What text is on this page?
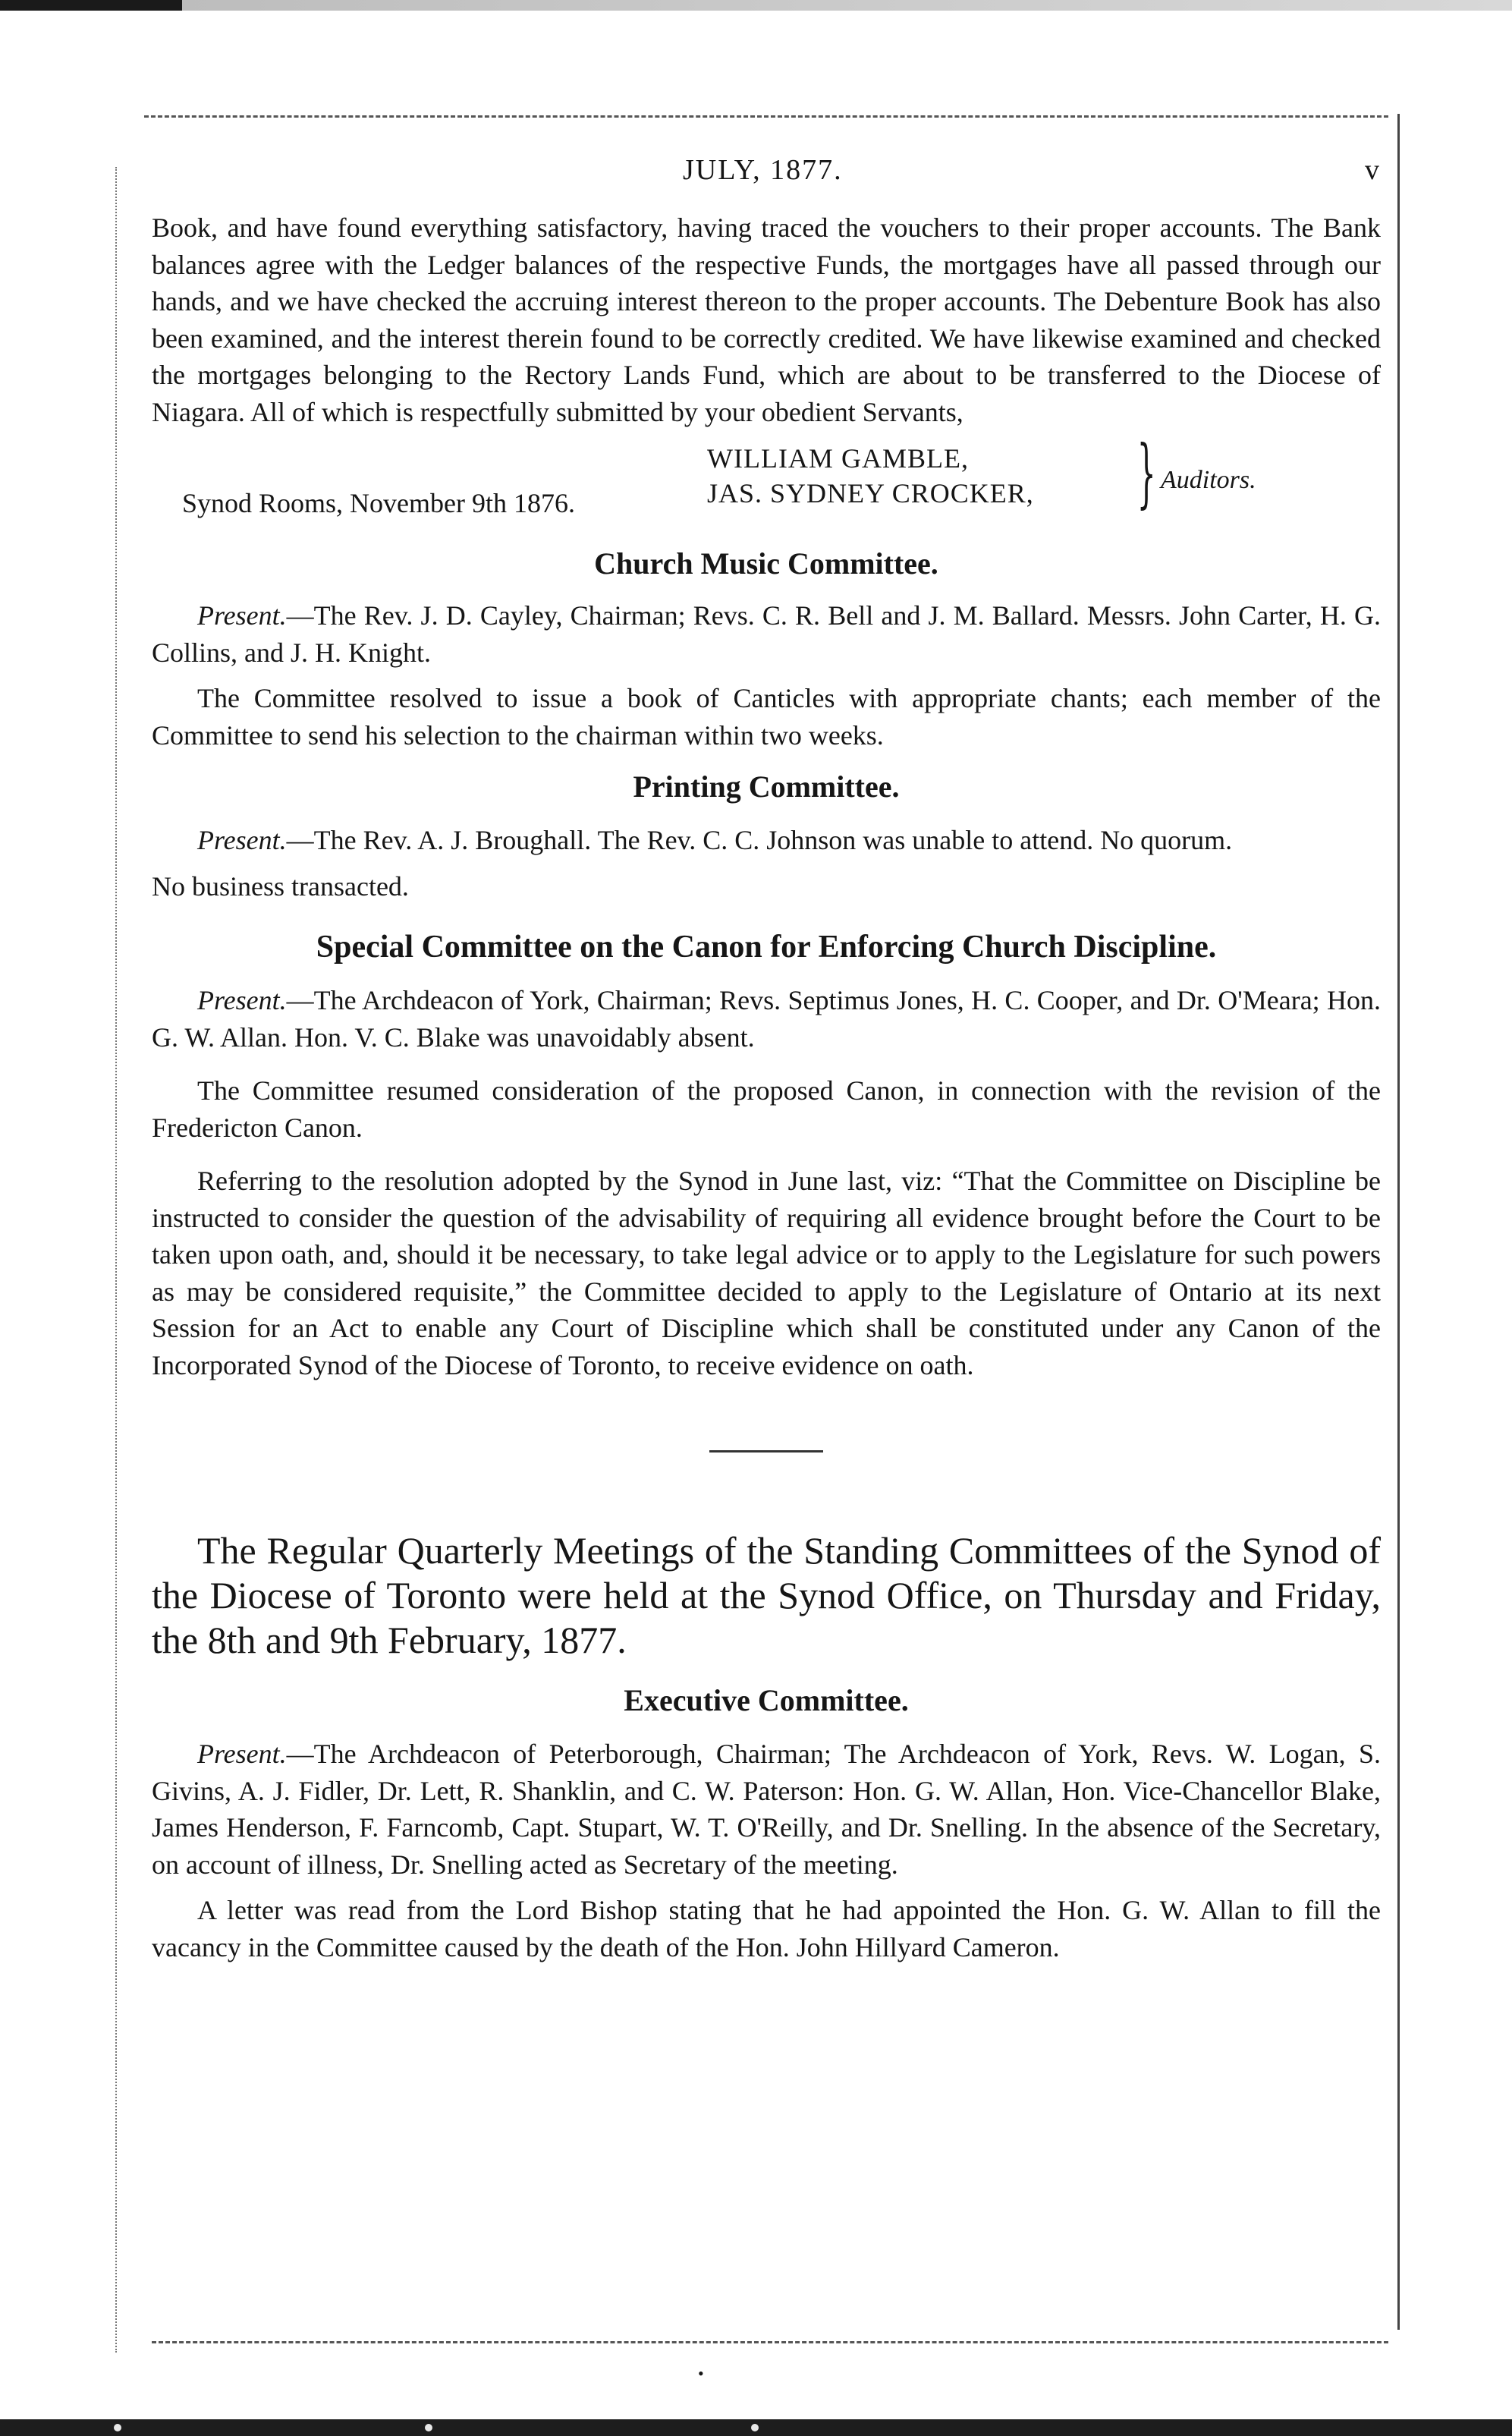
JULY, 1877.	v

Book, and have found everything satisfactory, having traced the vouchers to their proper accounts. The Bank balances agree with the Ledger balances of the respective Funds, the mortgages have all passed through our hands, and we have checked the accruing interest thereon to the proper accounts. The Debenture Book has also been examined, and the interest therein found to be correctly credited. We have likewise examined and checked the mortgages belonging to the Rectory Lands Fund, which are about to be transferred to the Diocese of Niagara. All of which is respectfully submitted by your obedient Servants,

WILLIAM GAMBLE,
JAS. SYDNEY CROCKER, } Auditors.
Synod Rooms, November 9th 1876.
Church Music Committee.

Present.—The Rev. J. D. Cayley, Chairman; Revs. C. R. Bell and J. M. Ballard. Messrs. John Carter, H. G. Collins, and J. H. Knight.

The Committee resolved to issue a book of Canticles with appropriate chants; each member of the Committee to send his selection to the chairman within two weeks.

Printing Committee.

Present.—The Rev. A. J. Broughall. The Rev. C. C. Johnson was unable to attend. No quorum.

No business transacted.

Special Committee on the Canon for Enforcing Church Discipline.

Present.—The Archdeacon of York, Chairman; Revs. Septimus Jones, H. C. Cooper, and Dr. O'Meara; Hon. G. W. Allan. Hon. V. C. Blake was unavoidably absent.

The Committee resumed consideration of the proposed Canon, in connection with the revision of the Fredericton Canon.

Referring to the resolution adopted by the Synod in June last, viz: “That the Committee on Discipline be instructed to consider the question of the advisability of requiring all evidence brought before the Court to be taken upon oath, and, should it be necessary, to take legal advice or to apply to the Legislature for such powers as may be considered requisite,” the Committee decided to apply to the Legislature of Ontario at its next Session for an Act to enable any Court of Discipline which shall be constituted under any Canon of the Incorporated Synod of the Diocese of Toronto, to receive evidence on oath.

The Regular Quarterly Meetings of the Standing Committees of the Synod of the Diocese of Toronto were held at the Synod Office, on Thursday and Friday, the 8th and 9th February, 1877.

Executive Committee.

Present.—The Archdeacon of Peterborough, Chairman; The Archdeacon of York, Revs. W. Logan, S. Givins, A. J. Fidler, Dr. Lett, R. Shanklin, and C. W. Paterson: Hon. G. W. Allan, Hon. Vice-Chancellor Blake, James Henderson, F. Farncomb, Capt. Stupart, W. T. O'Reilly, and Dr. Snelling. In the absence of the Secretary, on account of illness, Dr. Snelling acted as Secretary of the meeting.

A letter was read from the Lord Bishop stating that he had appointed the Hon. G. W. Allan to fill the vacancy in the Committee caused by the death of the Hon. John Hillyard Cameron.

•
